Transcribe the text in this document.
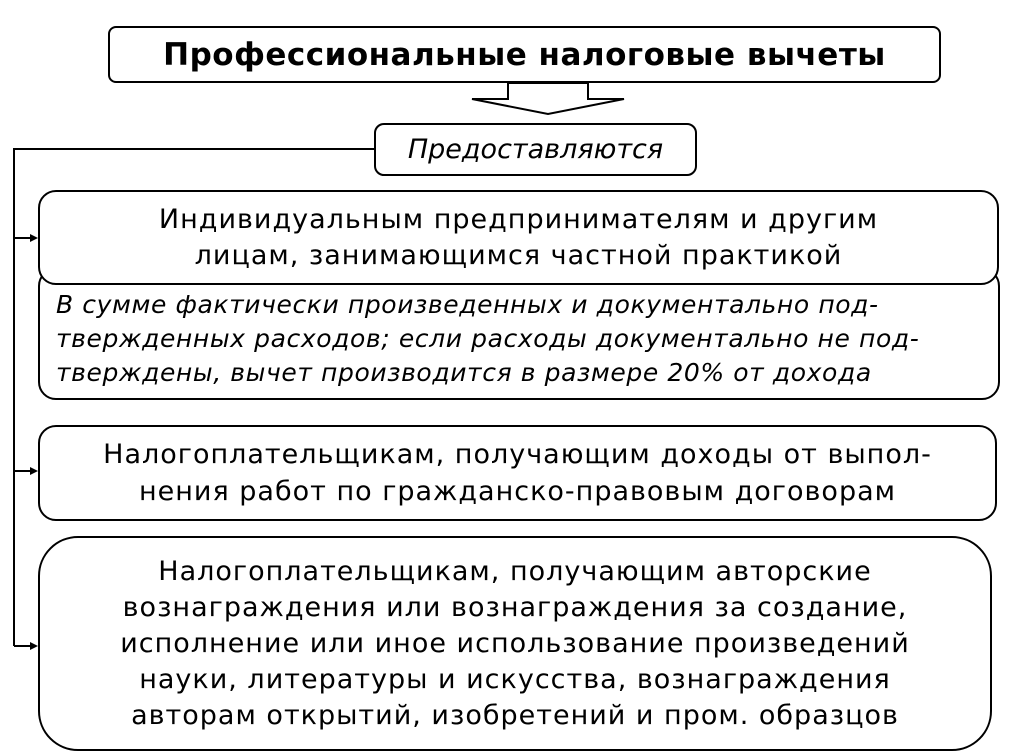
Профессиональные налоговые вычеты
Предоставляются
В сумме фактически произведенных и документально под-
твержденных расходов; если расходы документально не под-
тверждены, вычет производится в размере 20% от дохода
Индивидуальным предпринимателям и другим
лицам, занимающимся частной практикой
Налогоплательщикам, получающим доходы от выпол-
нения работ по гражданско-правовым договорам
Налогоплательщикам, получающим авторские
вознаграждения или вознаграждения за создание,
исполнение или иное использование произведений
науки, литературы и искусства, вознаграждения
авторам открытий, изобретений и пром. образцов
